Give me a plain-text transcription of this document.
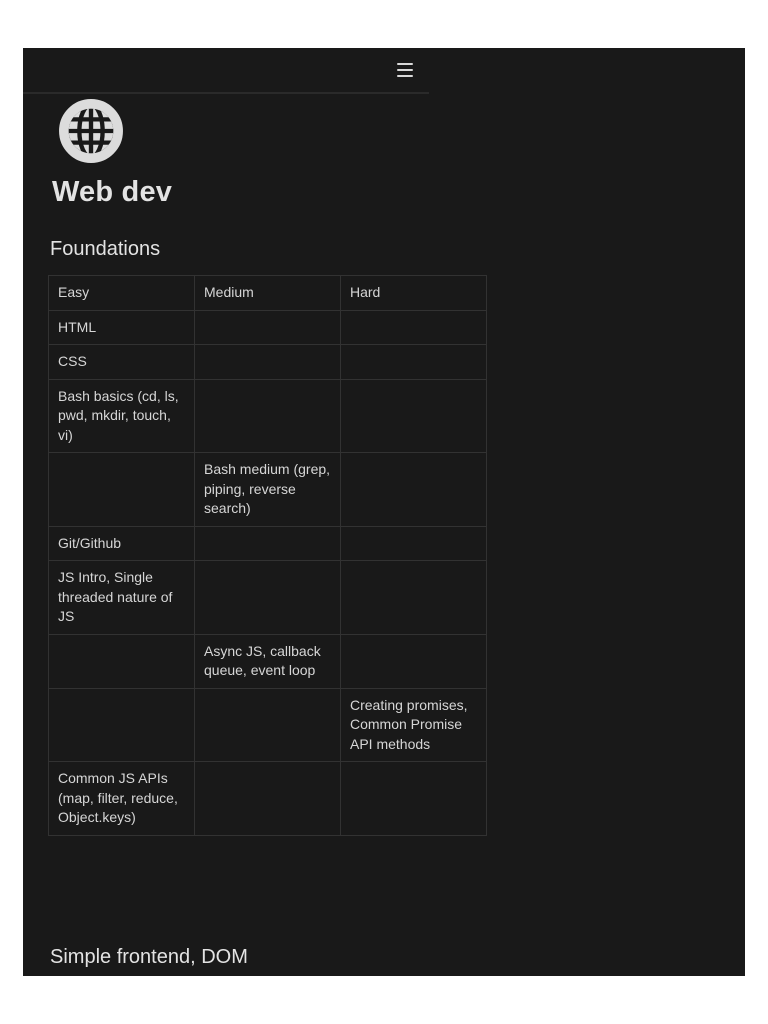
Web dev
Foundations
Easy	Medium	Hard
HTML		
CSS		
Bash basics (cd, ls, pwd, mkdir, touch, vi)		
	Bash medium (grep, piping, reverse search)	
Git/Github		
JS Intro, Single threaded nature of JS		
	Async JS, callback queue, event loop	
		Creating promises, Common Promise API methods
Common JS APIs (map, filter, reduce, Object.keys)		
Simple frontend, DOM
